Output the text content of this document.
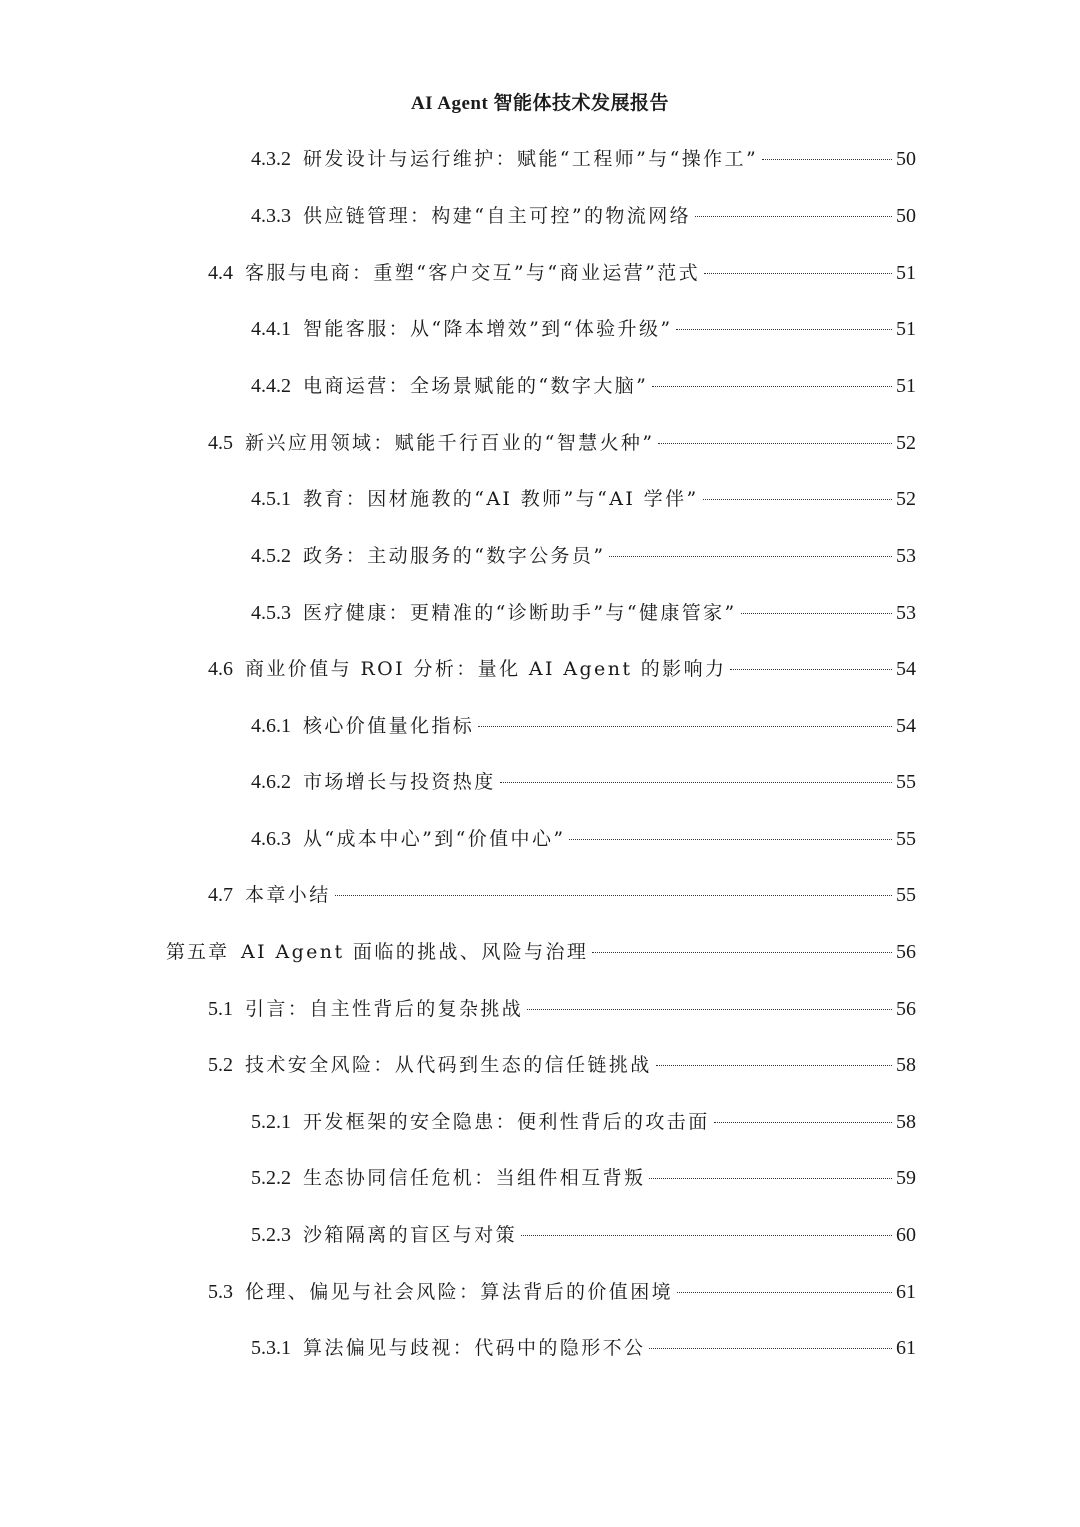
AI Agent 智能体技术发展报告
4.3.2 研发设计与运行维护：赋能“工程师”与“操作工”	50
4.3.3 供应链管理：构建“自主可控”的物流网络	50
4.4 客服与电商：重塑“客户交互”与“商业运营”范式	51
4.4.1 智能客服：从“降本增效”到“体验升级”	51
4.4.2 电商运营：全场景赋能的“数字大脑”	51
4.5 新兴应用领域：赋能千行百业的“智慧火种”	52
4.5.1 教育：因材施教的“AI 教师”与“AI 学伴”	52
4.5.2 政务：主动服务的“数字公务员”	53
4.5.3 医疗健康：更精准的“诊断助手”与“健康管家”	53
4.6 商业价值与 ROI 分析：量化 AI Agent 的影响力	54
4.6.1 核心价值量化指标	54
4.6.2 市场增长与投资热度	55
4.6.3 从“成本中心”到“价值中心”	55
4.7 本章小结	55
第五章 AI Agent 面临的挑战、风险与治理	56
5.1 引言：自主性背后的复杂挑战	56
5.2 技术安全风险：从代码到生态的信任链挑战	58
5.2.1 开发框架的安全隐患：便利性背后的攻击面	58
5.2.2 生态协同信任危机：当组件相互背叛	59
5.2.3 沙箱隔离的盲区与对策	60
5.3 伦理、偏见与社会风险：算法背后的价值困境	61
5.3.1 算法偏见与歧视：代码中的隐形不公	61
